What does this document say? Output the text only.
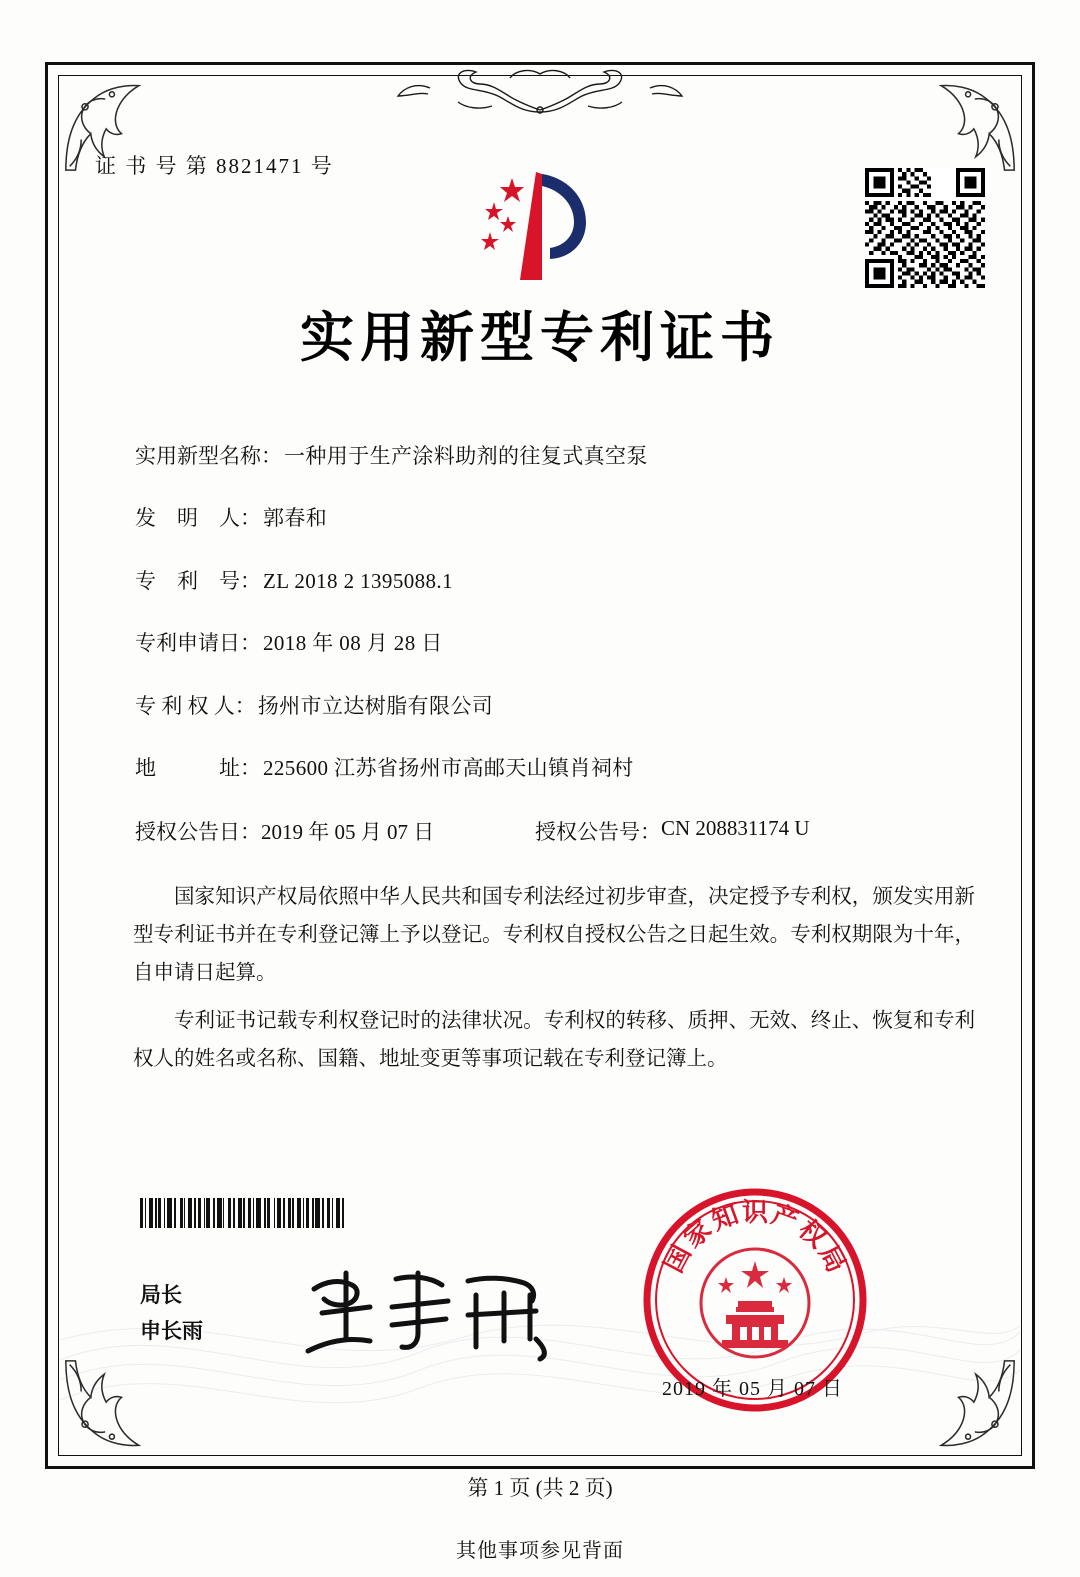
证 书 号 第 8821471 号
实用新型专利证书
实用新型名称： 一种用于生产涂料助剂的往复式真空泵
发　明　人： 郭春和
专　利　号： ZL 2018 2 1395088.1
专利申请日： 2018 年 08 月 28 日
专 利 权 人： 扬州市立达树脂有限公司
地　　　址： 225600 江苏省扬州市高邮天山镇肖祠村
授权公告日： 2019 年 05 月 07 日	授权公告号： CN 208831174 U

国家知识产权局依照中华人民共和国专利法经过初步审查，决定授予专利权，颁发实用新型专利证书并在专利登记簿上予以登记。专利权自授权公告之日起生效。专利权期限为十年，自申请日起算。

专利证书记载专利权登记时的法律状况。专利权的转移、质押、无效、终止、恢复和专利权人的姓名或名称、国籍、地址变更等事项记载在专利登记簿上。

局长
申长雨
国
家
知 识 产
权
局
2019 年 05 月 07 日
第 1 页 (共 2 页)
其他事项参见背面
